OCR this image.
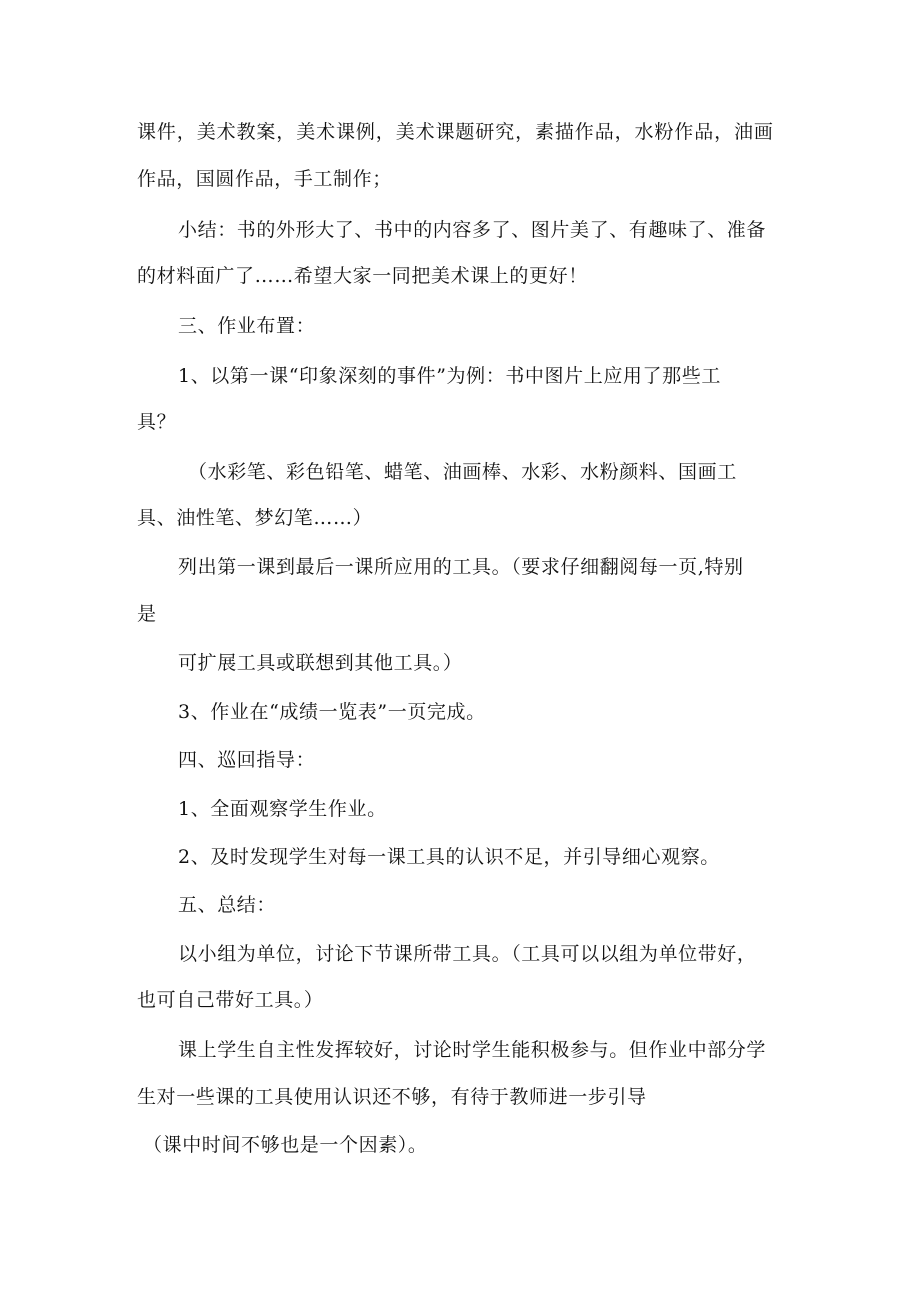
课件，美术教案，美术课例，美术课题研究，素描作品，水粉作品，油画
作品，国圆作品，手工制作；
小结：书的外形大了、书中的内容多了、图片美了、有趣味了、准备
的材料面广了……希望大家一同把美术课上的更好！
三、作业布置：
1、以第一课“印象深刻的事件”为例：书中图片上应用了那些工
具？
（水彩笔、彩色铅笔、蜡笔、油画棒、水彩、水粉颜料、国画工
具、油性笔、梦幻笔……）
列出第一课到最后一课所应用的工具。（要求仔细翻阅每一页,特别
是
可扩展工具或联想到其他工具。）
3、作业在“成绩一览表”一页完成。
四、巡回指导：
1、全面观察学生作业。
2、及时发现学生对每一课工具的认识不足，并引导细心观察。
五、总结：
以小组为单位，讨论下节课所带工具。（工具可以以组为单位带好，
也可自己带好工具。）
课上学生自主性发挥较好，讨论时学生能积极参与。但作业中部分学
生对一些课的工具使用认识还不够，有待于教师进一步引导
（课中时间不够也是一个因素）。
